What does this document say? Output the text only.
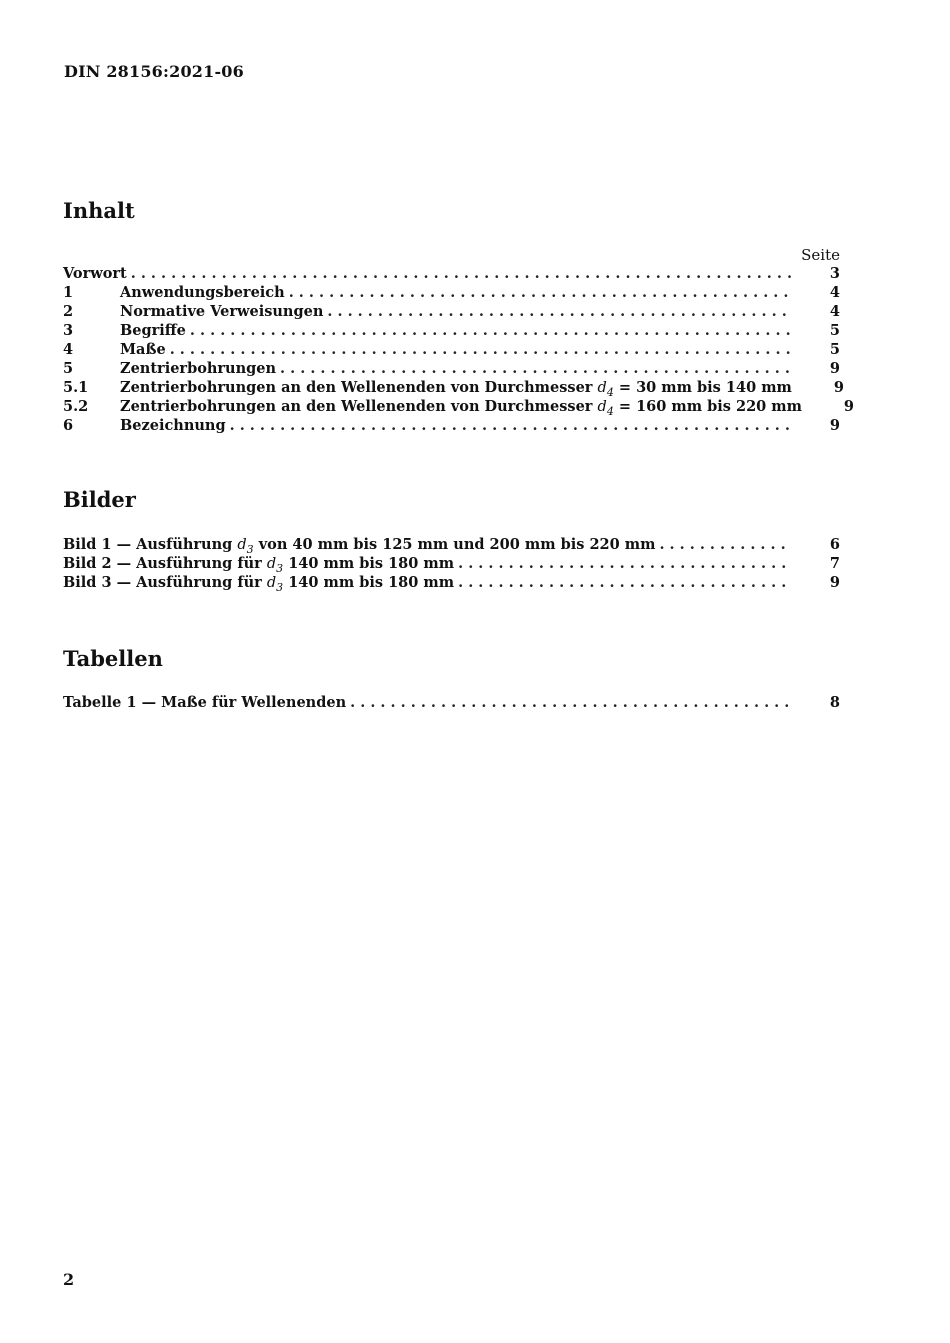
DIN 28156:2021-06
Inhalt
Seite
Vorwort . . .	3
1	Anwendungsbereich . . .	4
2	Normative Verweisungen . . .	4
3	Begriffe . . .	5
4	Maße . . .	5
5	Zentrierbohrungen . . .	9
5.1	Zentrierbohrungen an den Wellenenden von Durchmesser $d_4 = 30$ mm bis 140 mm	9
5.2	Zentrierbohrungen an den Wellenenden von Durchmesser $d_4 = 160$ mm bis 220 mm	9
6	Bezeichnung . . .	9
Bilder
Bild 1 — Ausführung $d_3$ von 40 mm bis 125 mm und 200 mm bis 220 mm . . .	6
Bild 2 — Ausführung für $d_3$ 140 mm bis 180 mm . . .	7
Bild 3 — Ausführung für $d_3$ 140 mm bis 180 mm . . .	9
Tabellen
Tabelle 1 — Maße für Wellenenden . . .	8
2
